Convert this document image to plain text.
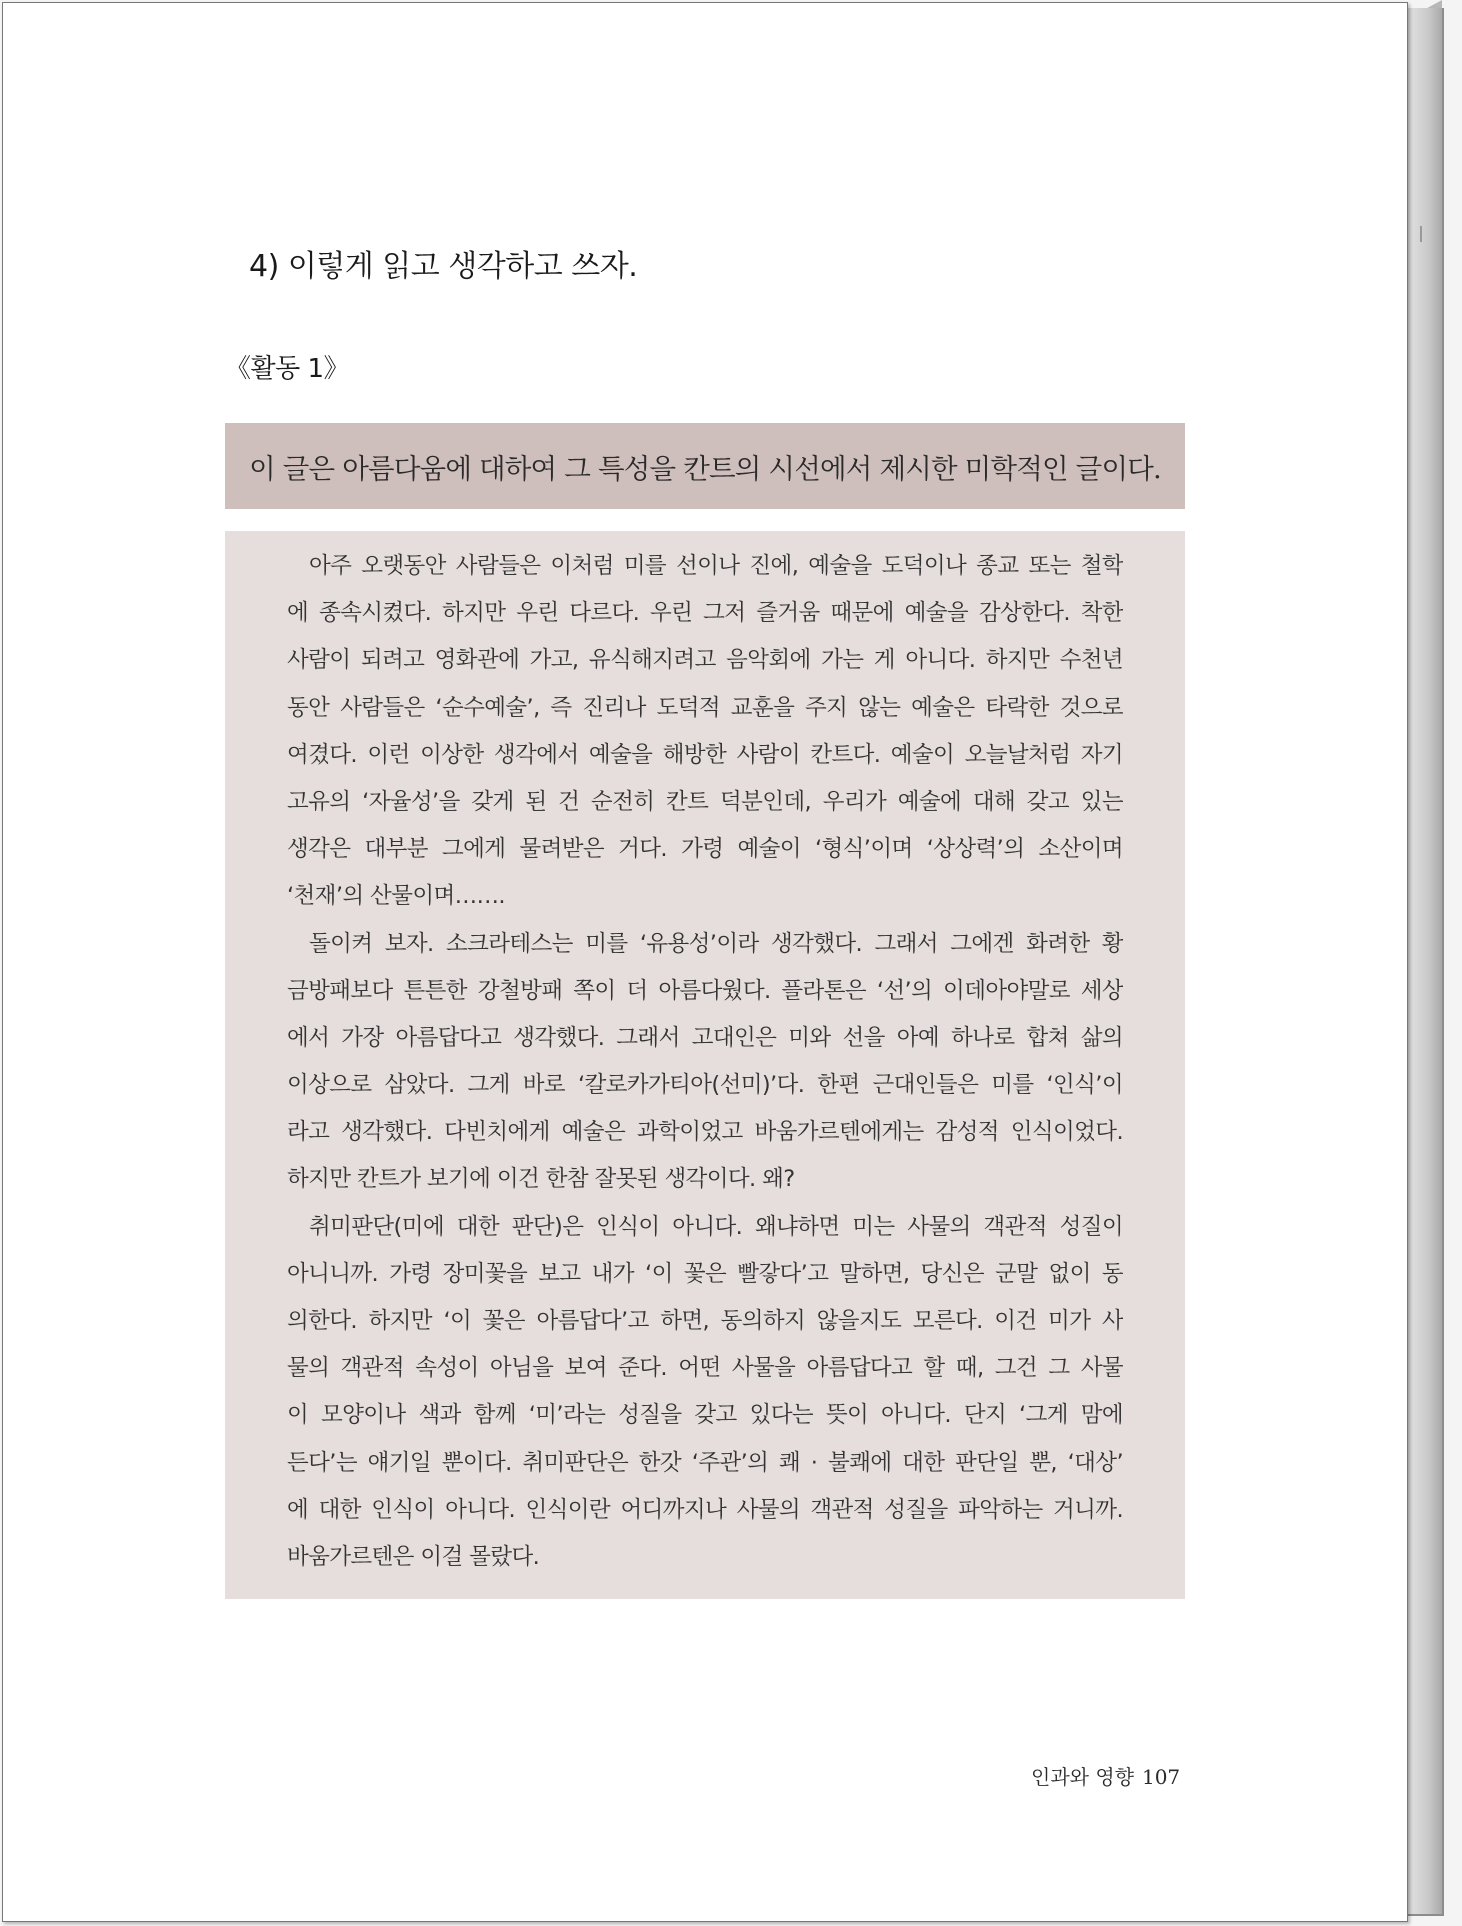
4) 이렇게 읽고 생각하고 쓰자.
《활동 1》
이 글은 아름다움에 대하여 그 특성을 칸트의 시선에서 제시한 미학적인 글이다.
아주 오랫동안 사람들은 이처럼 미를 선이나 진에, 예술을 도덕이나 종교 또는 철학
에 종속시켰다. 하지만 우린 다르다. 우린 그저 즐거움 때문에 예술을 감상한다. 착한
사람이 되려고 영화관에 가고, 유식해지려고 음악회에 가는 게 아니다. 하지만 수천년
동안 사람들은 ‘순수예술’, 즉 진리나 도덕적 교훈을 주지 않는 예술은 타락한 것으로
여겼다. 이런 이상한 생각에서 예술을 해방한 사람이 칸트다. 예술이 오늘날처럼 자기
고유의 ‘자율성’을 갖게 된 건 순전히 칸트 덕분인데, 우리가 예술에 대해 갖고 있는
생각은 대부분 그에게 물려받은 거다. 가령 예술이 ‘형식’이며 ‘상상력’의 소산이며
‘천재’의 산물이며…….
돌이켜 보자. 소크라테스는 미를 ‘유용성’이라 생각했다. 그래서 그에겐 화려한 황
금방패보다 튼튼한 강철방패 쪽이 더 아름다웠다. 플라톤은 ‘선’의 이데아야말로 세상
에서 가장 아름답다고 생각했다. 그래서 고대인은 미와 선을 아예 하나로 합쳐 삶의
이상으로 삼았다. 그게 바로 ‘칼로카가티아(선미)’다. 한편 근대인들은 미를 ‘인식’이
라고 생각했다. 다빈치에게 예술은 과학이었고 바움가르텐에게는 감성적 인식이었다.
하지만 칸트가 보기에 이건 한참 잘못된 생각이다. 왜?
취미판단(미에 대한 판단)은 인식이 아니다. 왜냐하면 미는 사물의 객관적 성질이
아니니까. 가령 장미꽃을 보고 내가 ‘이 꽃은 빨갛다’고 말하면, 당신은 군말 없이 동
의한다. 하지만 ‘이 꽃은 아름답다’고 하면, 동의하지 않을지도 모른다. 이건 미가 사
물의 객관적 속성이 아님을 보여 준다. 어떤 사물을 아름답다고 할 때, 그건 그 사물
이 모양이나 색과 함께 ‘미’라는 성질을 갖고 있다는 뜻이 아니다. 단지 ‘그게 맘에
든다’는 얘기일 뿐이다. 취미판단은 한갓 ‘주관’의 쾌 · 불쾌에 대한 판단일 뿐, ‘대상’
에 대한 인식이 아니다. 인식이란 어디까지나 사물의 객관적 성질을 파악하는 거니까.
바움가르텐은 이걸 몰랐다.
인과와 영향 107
